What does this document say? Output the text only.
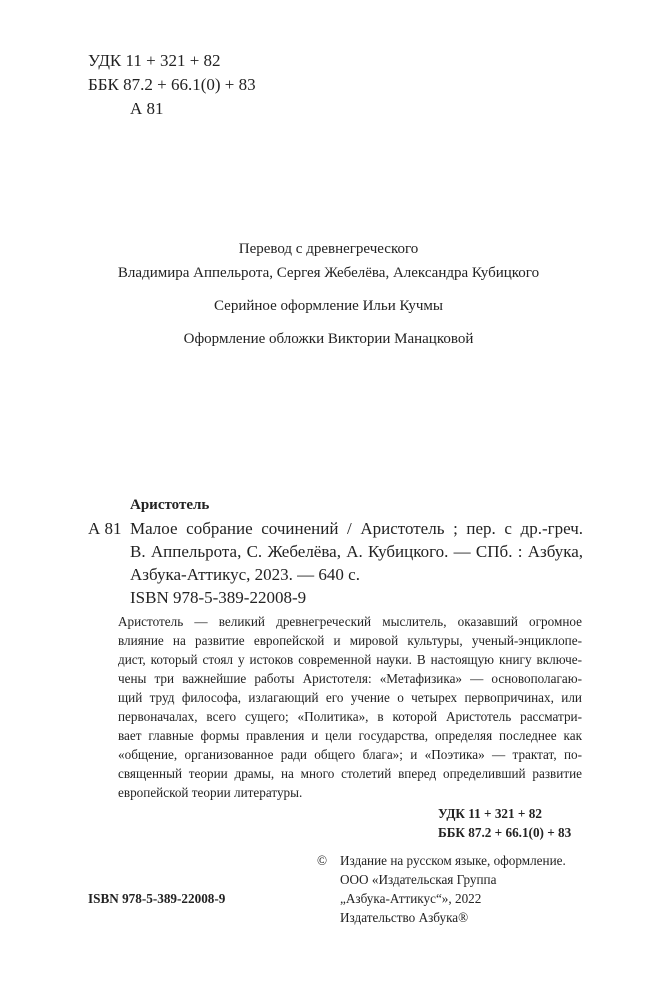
УДК 11 + 321 + 82
ББК 87.2 + 66.1(0) + 83
А 81
Перевод с древнегреческого
Владимира Аппельрота, Сергея Жебелёва, Александра Кубицкого
Серийное оформление Ильи Кучмы
Оформление обложки Виктории Манацковой
Аристотель
А 81 Малое собрание сочинений / Аристотель ; пер. с др.-греч.
В. Аппельрота, С. Жебелёва, А. Кубицкого. — СПб. : Азбука,
Азбука-Аттикус, 2023. — 640 с.
ISBN 978-5-389-22008-9
Аристотель — великий древнегреческий мыслитель, оказавший огромное
влияние на развитие европейской и мировой культуры, ученый-энциклопе-
дист, который стоял у истоков современной науки. В настоящую книгу включе-
чены три важнейшие работы Аристотеля: «Метафизика» — основополагаю-
щий труд философа, излагающий его учение о четырех первопричинах, или
первоначалах, всего сущего; «Политика», в которой Аристотель рассматри-
вает главные формы правления и цели государства, определяя последнее как
«общение, организованное ради общего блага»; и «Поэтика» — трактат, по-
священный теории драмы, на много столетий вперед определивший развитие
европейской теории литературы.
УДК 11 + 321 + 82
ББК 87.2 + 66.1(0) + 83
© Издание на русском языке, оформление.
ООО «Издательская Группа
„Азбука-Аттикус“», 2022
Издательство Азбука®
ISBN 978-5-389-22008-9
